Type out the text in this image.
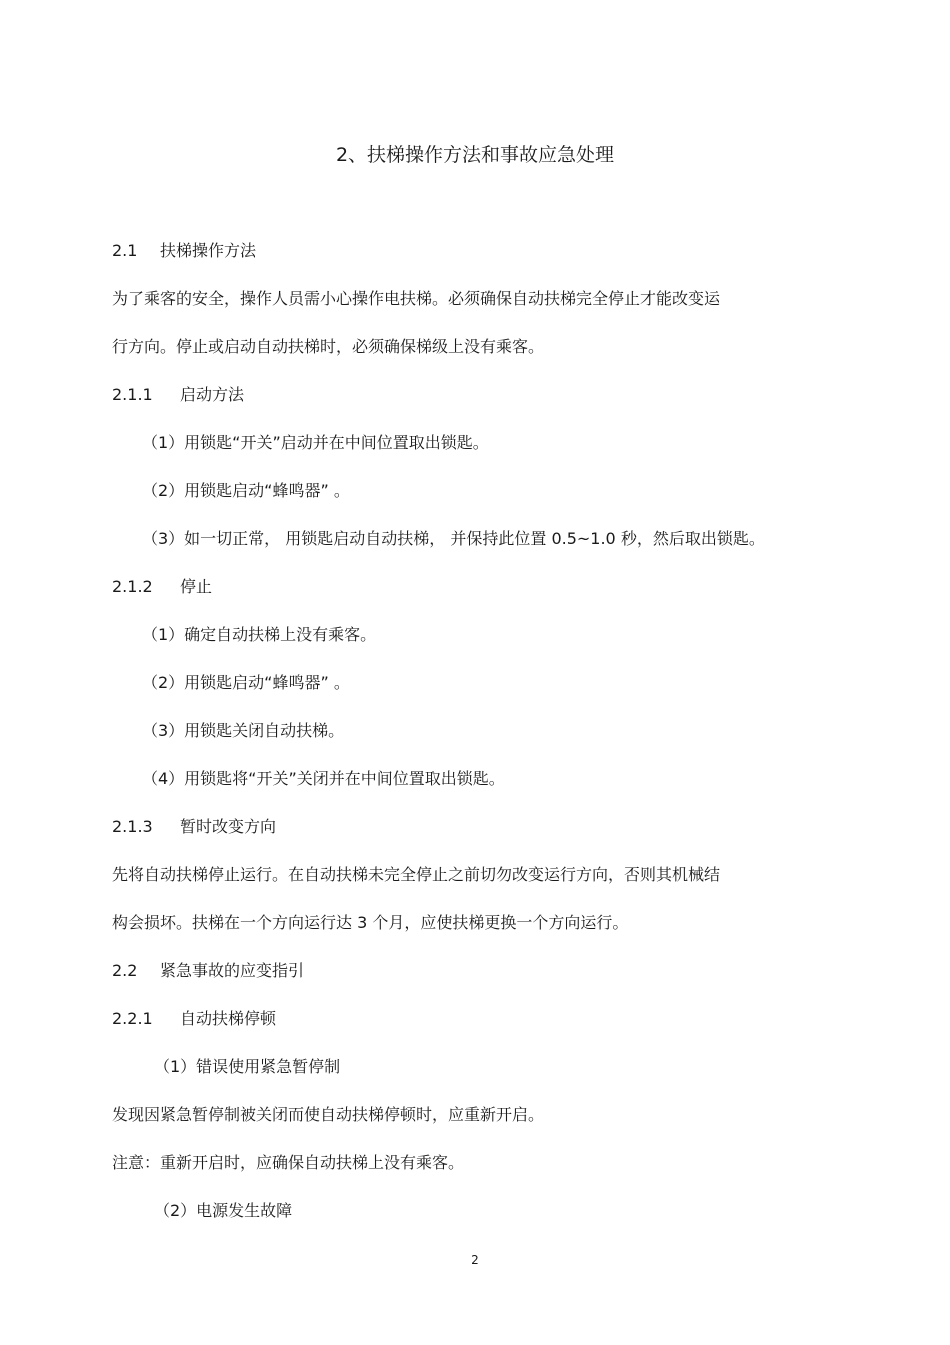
2、扶梯操作方法和事故应急处理
2.1 扶梯操作方法
为了乘客的安全，操作人员需小心操作电扶梯。必须确保自动扶梯完全停止才能改变运
行方向。停止或启动自动扶梯时，必须确保梯级上没有乘客。
2.1.1 启动方法
（1）用锁匙“开关”启动并在中间位置取出锁匙。
（2）用锁匙启动“蜂鸣器” 。
（3）如一切正常， 用锁匙启动自动扶梯， 并保持此位置 0.5~1.0 秒，然后取出锁匙。
2.1.2 停止
（1）确定自动扶梯上没有乘客。
（2）用锁匙启动“蜂鸣器” 。
（3）用锁匙关闭自动扶梯。
（4）用锁匙将“开关”关闭并在中间位置取出锁匙。
2.1.3 暂时改变方向
先将自动扶梯停止运行。在自动扶梯未完全停止之前切勿改变运行方向，否则其机械结
构会损坏。扶梯在一个方向运行达 3 个月，应使扶梯更换一个方向运行。
2.2 紧急事故的应变指引
2.2.1 自动扶梯停顿
（1）错误使用紧急暂停制
发现因紧急暂停制被关闭而使自动扶梯停顿时，应重新开启。
注意：重新开启时，应确保自动扶梯上没有乘客。
（2）电源发生故障
2
